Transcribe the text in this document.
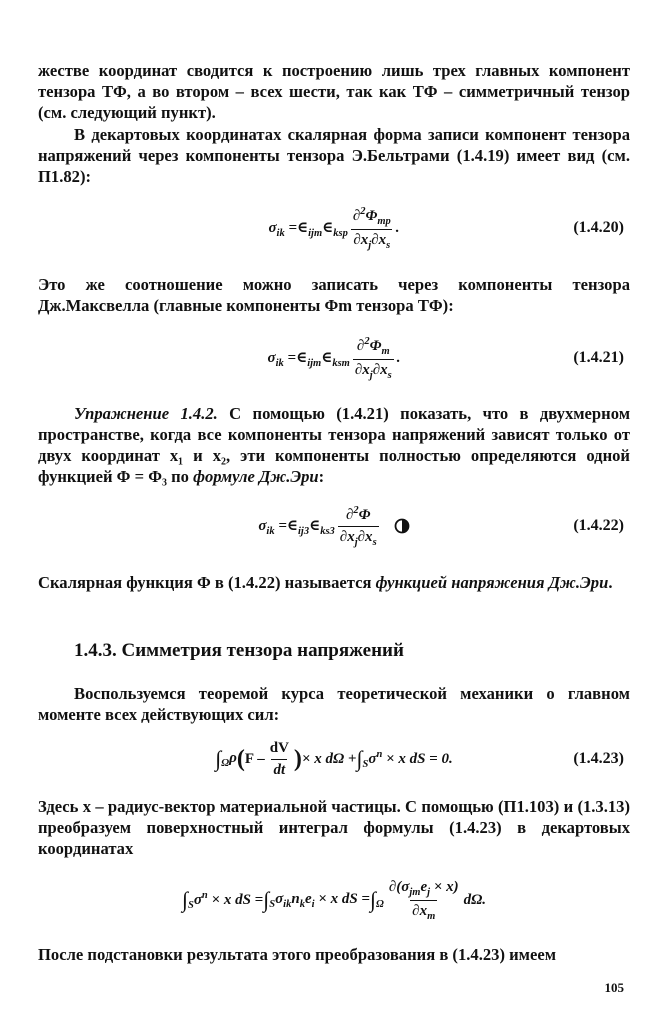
жестве координат сводится к построению лишь трех главных компонент тензора TΦ, а во втором – всех шести, так как TΦ – симметричный тензор (см. следующий пункт).

В декартовых координатах скалярная форма записи компонент тензора напряжений через компоненты тензора Э.Бельтрами (1.4.19) имеет вид (см. П1.82):

$\sigma_{ik}$ $=\in_{ijm}\in_{ksp} \frac{\partial^2\Phi_{mp}}{\partial x_j\partial x_s}$ .	(1.4.20)

Это же соотношение можно записать через компоненты тензора Дж.Максвелла (главные компоненты Φm тензора TΦ):

$\sigma_{ik}$ $=\in_{ijm}\in_{ksm} \frac{\partial^2\Phi_m}{\partial x_j\partial x_s}$ .	(1.4.21)

Упражнение 1.4.2. С помощью (1.4.21) показать, что в двухмерном пространстве, когда все компоненты тензора напряжений зависят только от двух координат x₁ и x₂, эти компоненты полностью определяются одной функцией Φ = Φ₃ по формуле Дж.Эри:

$\sigma_{ik}$ $=\in_{ij3}\in_{ks3} \frac{\partial^2\Phi}{\partial x_j\partial x_s}$	(1.4.22)

Скалярная функция Φ в (1.4.22) называется функцией напряжения Дж.Эри.

1.4.3. Симметрия тензора напряжений

Воспользуемся теоремой курса теоретической механики о главном моменте всех действующих сил:

∫ $_\Omega$ρ ( F – $\frac{dV}{dt}$ ) × x dΩ + ∫ $_S\sigma^n \times x$ dS = 0.	(1.4.23)

Здесь x – радиус-вектор материальной частицы. С помощью (П1.103) и (1.3.13) преобразуем поверхностный интеграл формулы (1.4.23) в декартовых координатах

∫ $_S\sigma^n \times x$ dS = ∫ $_S\sigma_{ik}n_ke_i \times x$ dS = ∫ $_\Omega \frac{\partial(\sigma_{jm}e_j \times x)}{\partial x_m} d\Omega$.

После подстановки результата этого преобразования в (1.4.23) имеем

105
